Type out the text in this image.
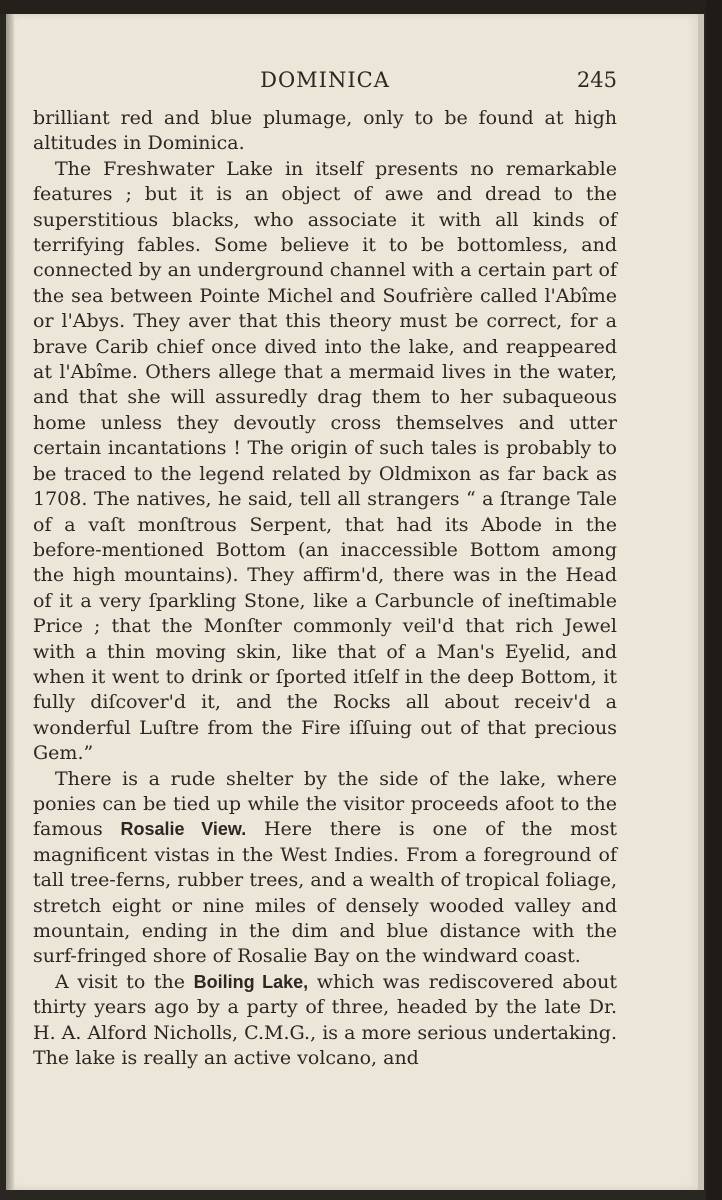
DOMINICA	245

brilliant red and blue plumage, only to be found at high altitudes in Dominica.

The Freshwater Lake in itself presents no remarkable features ; but it is an object of awe and dread to the superstitious blacks, who associate it with all kinds of terrifying fables. Some believe it to be bottomless, and connected by an underground channel with a certain part of the sea between Pointe Michel and Soufrière called l'Abîme or l'Abys. They aver that this theory must be correct, for a brave Carib chief once dived into the lake, and reappeared at l'Abîme. Others allege that a mermaid lives in the water, and that she will assuredly drag them to her subaqueous home unless they devoutly cross themselves and utter certain incantations ! The origin of such tales is probably to be traced to the legend related by Oldmixon as far back as 1708. The natives, he said, tell all strangers “ a ſtrange Tale of a vaſt monſtrous Serpent, that had its Abode in the before-mentioned Bottom (an inaccessible Bottom among the high mountains). They affirm'd, there was in the Head of it a very ſparkling Stone, like a Carbuncle of ineſtimable Price ; that the Monſter commonly veil'd that rich Jewel with a thin moving skin, like that of a Man's Eyelid, and when it went to drink or ſported itſelf in the deep Bottom, it fully diſcover'd it, and the Rocks all about receiv'd a wonderful Luſtre from the Fire iſſuing out of that precious Gem.”

There is a rude shelter by the side of the lake, where ponies can be tied up while the visitor proceeds afoot to the famous Rosalie View. Here there is one of the most magnificent vistas in the West Indies. From a foreground of tall tree-ferns, rubber trees, and a wealth of tropical foliage, stretch eight or nine miles of densely wooded valley and mountain, ending in the dim and blue distance with the surf-fringed shore of Rosalie Bay on the windward coast.

A visit to the Boiling Lake, which was rediscovered about thirty years ago by a party of three, headed by the late Dr. H. A. Alford Nicholls, C.M.G., is a more serious undertaking. The lake is really an active volcano, and
